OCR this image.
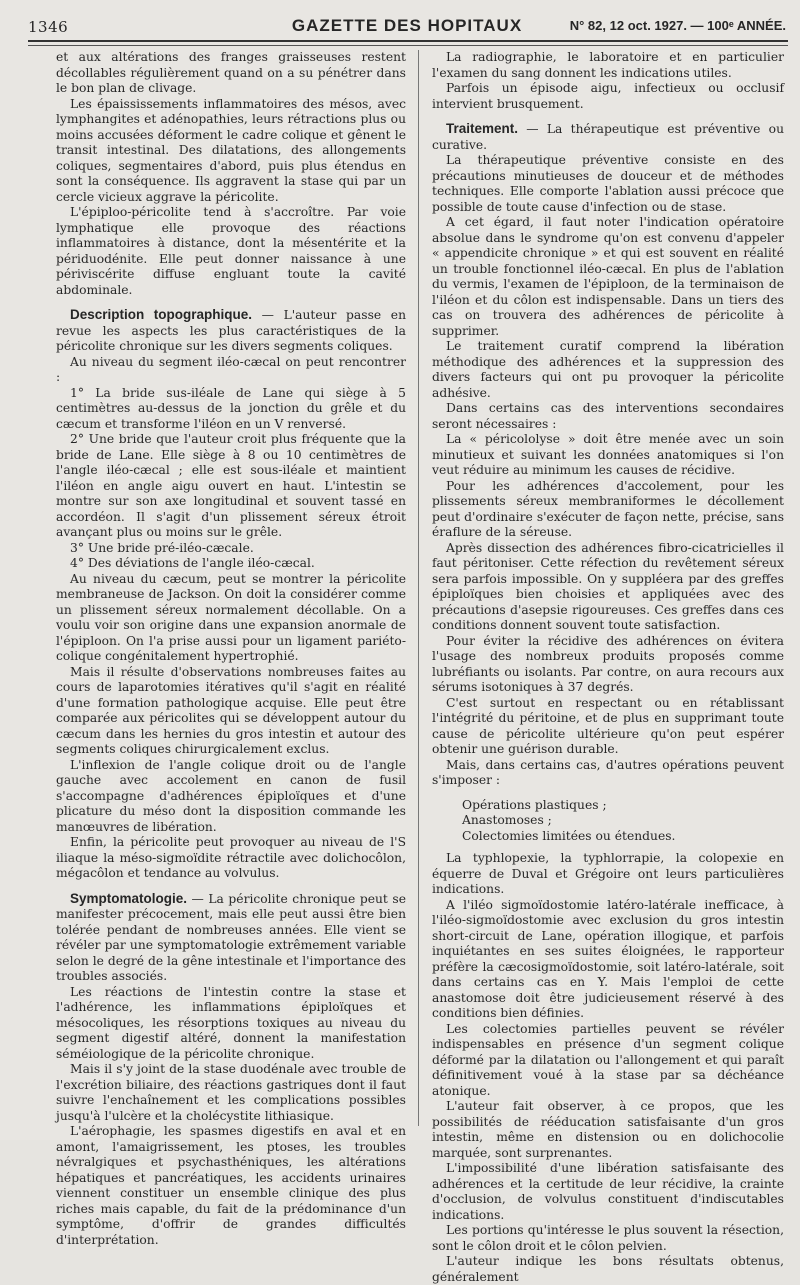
1346	GAZETTE DES HOPITAUX	N° 82, 12 oct. 1927. — 100ᵉ ANNÉE.

et aux altérations des franges graisseuses restent décollables régulièrement quand on a su pénétrer dans le bon plan de clivage.

Les épaississements inflammatoires des mésos, avec lymphangites et adénopathies, leurs rétractions plus ou moins accusées déforment le cadre colique et gênent le transit intestinal. Des dilatations, des allongements coliques, segmentaires d'abord, puis plus étendus en sont la conséquence. Ils aggravent la stase qui par un cercle vicieux aggrave la péricolite.

L'épiploo-péricolite tend à s'accroître. Par voie lymphatique elle provoque des réactions inflammatoires à distance, dont la mésentérite et la périduodénite. Elle peut donner naissance à une périviscérite diffuse engluant toute la cavité abdominale.

Description topographique. — L'auteur passe en revue les aspects les plus caractéristiques de la péricolite chronique sur les divers segments coliques.

Au niveau du segment iléo-cæcal on peut rencontrer :

1° La bride sus-iléale de Lane qui siège à 5 centimètres au-dessus de la jonction du grêle et du cæcum et transforme l'iléon en un V renversé.

2° Une bride que l'auteur croit plus fréquente que la bride de Lane. Elle siège à 8 ou 10 centimètres de l'angle iléo-cæcal ; elle est sous-iléale et maintient l'iléon en angle aigu ouvert en haut. L'intestin se montre sur son axe longitudinal et souvent tassé en accordéon. Il s'agit d'un plissement séreux étroit avançant plus ou moins sur le grêle.

3° Une bride pré-iléo-cæcale.

4° Des déviations de l'angle iléo-cæcal.

Au niveau du cæcum, peut se montrer la péricolite membraneuse de Jackson. On doit la considérer comme un plissement séreux normalement décollable. On a voulu voir son origine dans une expansion anormale de l'épiploon. On l'a prise aussi pour un ligament pariéto-colique congénitalement hypertrophié.

Mais il résulte d'observations nombreuses faites au cours de laparotomies itératives qu'il s'agit en réalité d'une formation pathologique acquise. Elle peut être comparée aux péricolites qui se développent autour du cæcum dans les hernies du gros intestin et autour des segments coliques chirurgicalement exclus.

L'inflexion de l'angle colique droit ou de l'angle gauche avec accolement en canon de fusil s'accompagne d'adhérences épiploïques et d'une plicature du méso dont la disposition commande les manœuvres de libération.

Enfin, la péricolite peut provoquer au niveau de l'S iliaque la méso-sigmoïdite rétractile avec dolichocôlon, mégacôlon et tendance au volvulus.

Symptomatologie. — La péricolite chronique peut se manifester précocement, mais elle peut aussi être bien tolérée pendant de nombreuses années. Elle vient se révéler par une symptomatologie extrêmement variable selon le degré de la gêne intestinale et l'importance des troubles associés.

Les réactions de l'intestin contre la stase et l'adhérence, les inflammations épiploïques et mésocoliques, les résorptions toxiques au niveau du segment digestif altéré, donnent la manifestation séméiologique de la péricolite chronique.

Mais il s'y joint de la stase duodénale avec trouble de l'excrétion biliaire, des réactions gastriques dont il faut suivre l'enchaînement et les complications possibles jusqu'à l'ulcère et la cholécystite lithiasique.

L'aérophagie, les spasmes digestifs en aval et en amont, l'amaigrissement, les ptoses, les troubles névralgiques et psychasthéniques, les altérations hépatiques et pancréatiques, les accidents urinaires viennent constituer un ensemble clinique des plus riches mais capable, du fait de la prédominance d'un symptôme, d'offrir de grandes difficultés d'interprétation.

La radiographie, le laboratoire et en particulier l'examen du sang donnent les indications utiles.

Parfois un épisode aigu, infectieux ou occlusif intervient brusquement.

Traitement. — La thérapeutique est préventive ou curative.

La thérapeutique préventive consiste en des précautions minutieuses de douceur et de méthodes techniques. Elle comporte l'ablation aussi précoce que possible de toute cause d'infection ou de stase.

A cet égard, il faut noter l'indication opératoire absolue dans le syndrome qu'on est convenu d'appeler « appendicite chronique » et qui est souvent en réalité un trouble fonctionnel iléo-cæcal. En plus de l'ablation du vermis, l'examen de l'épiploon, de la terminaison de l'iléon et du côlon est indispensable. Dans un tiers des cas on trouvera des adhérences de péricolite à supprimer.

Le traitement curatif comprend la libération méthodique des adhérences et la suppression des divers facteurs qui ont pu provoquer la péricolite adhésive.

Dans certains cas des interventions secondaires seront nécessaires :

La « péricololyse » doit être menée avec un soin minutieux et suivant les données anatomiques si l'on veut réduire au minimum les causes de récidive.

Pour les adhérences d'accolement, pour les plissements séreux membraniformes le décollement peut d'ordinaire s'exécuter de façon nette, précise, sans éraflure de la séreuse.

Après dissection des adhérences fibro-cicatricielles il faut péritoniser. Cette réfection du revêtement séreux sera parfois impossible. On y suppléera par des greffes épiploïques bien choisies et appliquées avec des précautions d'asepsie rigoureuses. Ces greffes dans ces conditions donnent souvent toute satisfaction.

Pour éviter la récidive des adhérences on évitera l'usage des nombreux produits proposés comme lubréfiants ou isolants. Par contre, on aura recours aux sérums isotoniques à 37 degrés.

C'est surtout en respectant ou en rétablissant l'intégrité du péritoine, et de plus en supprimant toute cause de péricolite ultérieure qu'on peut espérer obtenir une guérison durable.

Mais, dans certains cas, d'autres opérations peuvent s'imposer :

Opérations plastiques ;

Anastomoses ;

Colectomies limitées ou étendues.

La typhlopexie, la typhlorrapie, la colopexie en équerre de Duval et Grégoire ont leurs particulières indications.

A l'iléo sigmoïdostomie latéro-latérale inefficace, à l'iléo-sigmoïdostomie avec exclusion du gros intestin short-circuit de Lane, opération illogique, et parfois inquiétantes en ses suites éloignées, le rapporteur préfère la cæcosigmoïdostomie, soit latéro-latérale, soit dans certains cas en Y. Mais l'emploi de cette anastomose doit être judicieusement réservé à des conditions bien définies.

Les colectomies partielles peuvent se révéler indispensables en présence d'un segment colique déformé par la dilatation ou l'allongement et qui paraît définitivement voué à la stase par sa déchéance atonique.

L'auteur fait observer, à ce propos, que les possibilités de rééducation satisfaisante d'un gros intestin, même en distension ou en dolichocolie marquée, sont surprenantes.

L'impossibilité d'une libération satisfaisante des adhérences et la certitude de leur récidive, la crainte d'occlusion, de volvulus constituent d'indiscutables indications.

Les portions qu'intéresse le plus souvent la résection, sont le côlon droit et le côlon pelvien.

L'auteur indique les bons résultats obtenus, généralement
